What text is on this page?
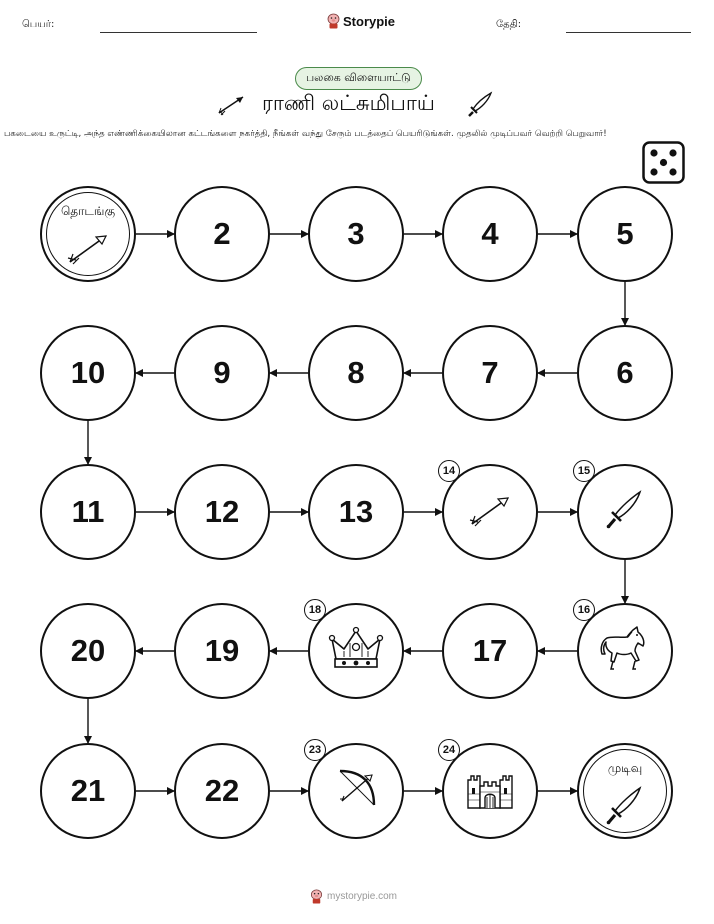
பெயர்:	Storypie	தேதி:
பலகை விளையாட்டு
ராணி லட்சுமிபாய்
பகடையை உருட்டி, அந்த எண்ணிக்கையிலான கட்டங்களை நகர்த்தி, நீங்கள் வந்து சேரும் படத்தைப் பெயரிடுங்கள். முதலில் முடிப்பவர் வெற்றி பெறுவார்!
தொடங்கு
2	3	4	5
6
7
8
9
10
11	12	13
14	15
16
17
18
19
20
21	22
23	24
முடிவு
mystorypie.com
